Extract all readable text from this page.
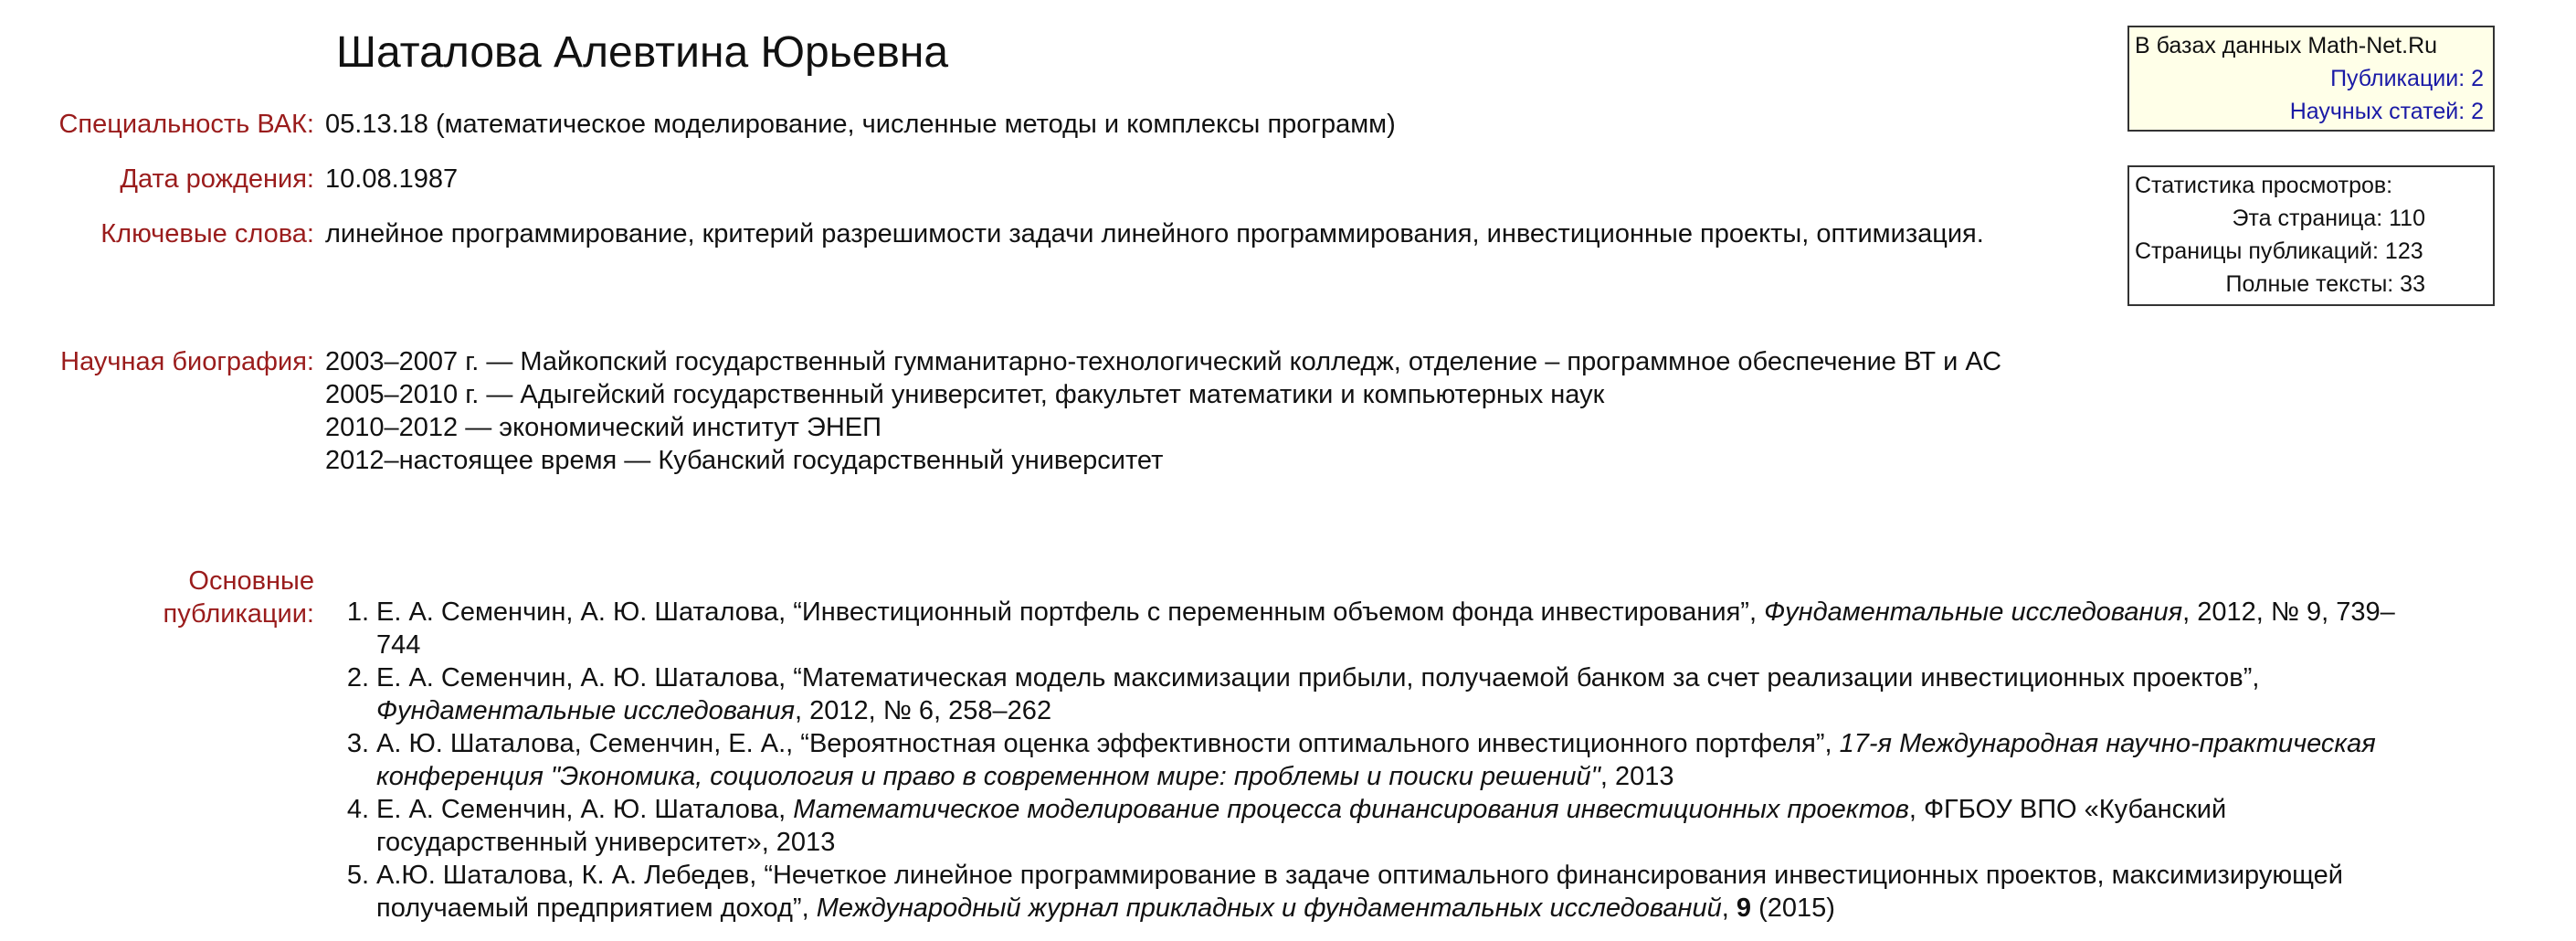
Шаталова Алевтина Юрьевна
Специальность ВАК: 05.13.18 (математическое моделирование, численные методы и комплексы программ)
Дата рождения: 10.08.1987
Ключевые слова: линейное программирование, критерий разрешимости задачи линейного программирования, инвестиционные проекты, оптимизация.
Научная биография: 2003–2007 г. — Майкопский государственный гумманитарно-технологический колледж, отделение – программное обеспечение ВТ и АС
2005–2010 г. — Адыгейский государственный университет, факультет математики и компьютерных наук
2010–2012 — экономический институт ЭНЕП
2012–настоящее время — Кубанский государственный университет
Основные
публикации:	1. Е. А. Семенчин, А. Ю. Шаталова, “Инвестиционный портфель с переменным объемом фонда инвестирования”, Фундаментальные исследования, 2012, № 9, 739–744
2. Е. А. Семенчин, А. Ю. Шаталова, “Математическая модель максимизации прибыли, получаемой банком за счет реализации инвестиционных проектов”, Фундаментальные исследования, 2012, № 6, 258–262
3. А. Ю. Шаталова, Семенчин, Е. А., “Вероятностная оценка эффективности оптимального инвестиционного портфеля”, 17-я Международная научно-практическая конференция "Экономика, социология и право в современном мире: проблемы и поиски решений", 2013
4. Е. А. Семенчин, А. Ю. Шаталова, Математическое моделирование процесса финансирования инвестиционных проектов, ФГБОУ ВПО «Кубанский государственный университет», 2013
5. А.Ю. Шаталова, К. А. Лебедев, “Нечеткое линейное программирование в задаче оптимального финансирования инвестиционных проектов, максимизирующей получаемый предприятием доход”, Международный журнал прикладных и фундаментальных исследований, 9 (2015)
В базах данных Math-Net.Ru
Публикации: 2
Научных статей: 2
Статистика просмотров:
Эта страница: 110
Страницы публикаций: 123
Полные тексты: 33
